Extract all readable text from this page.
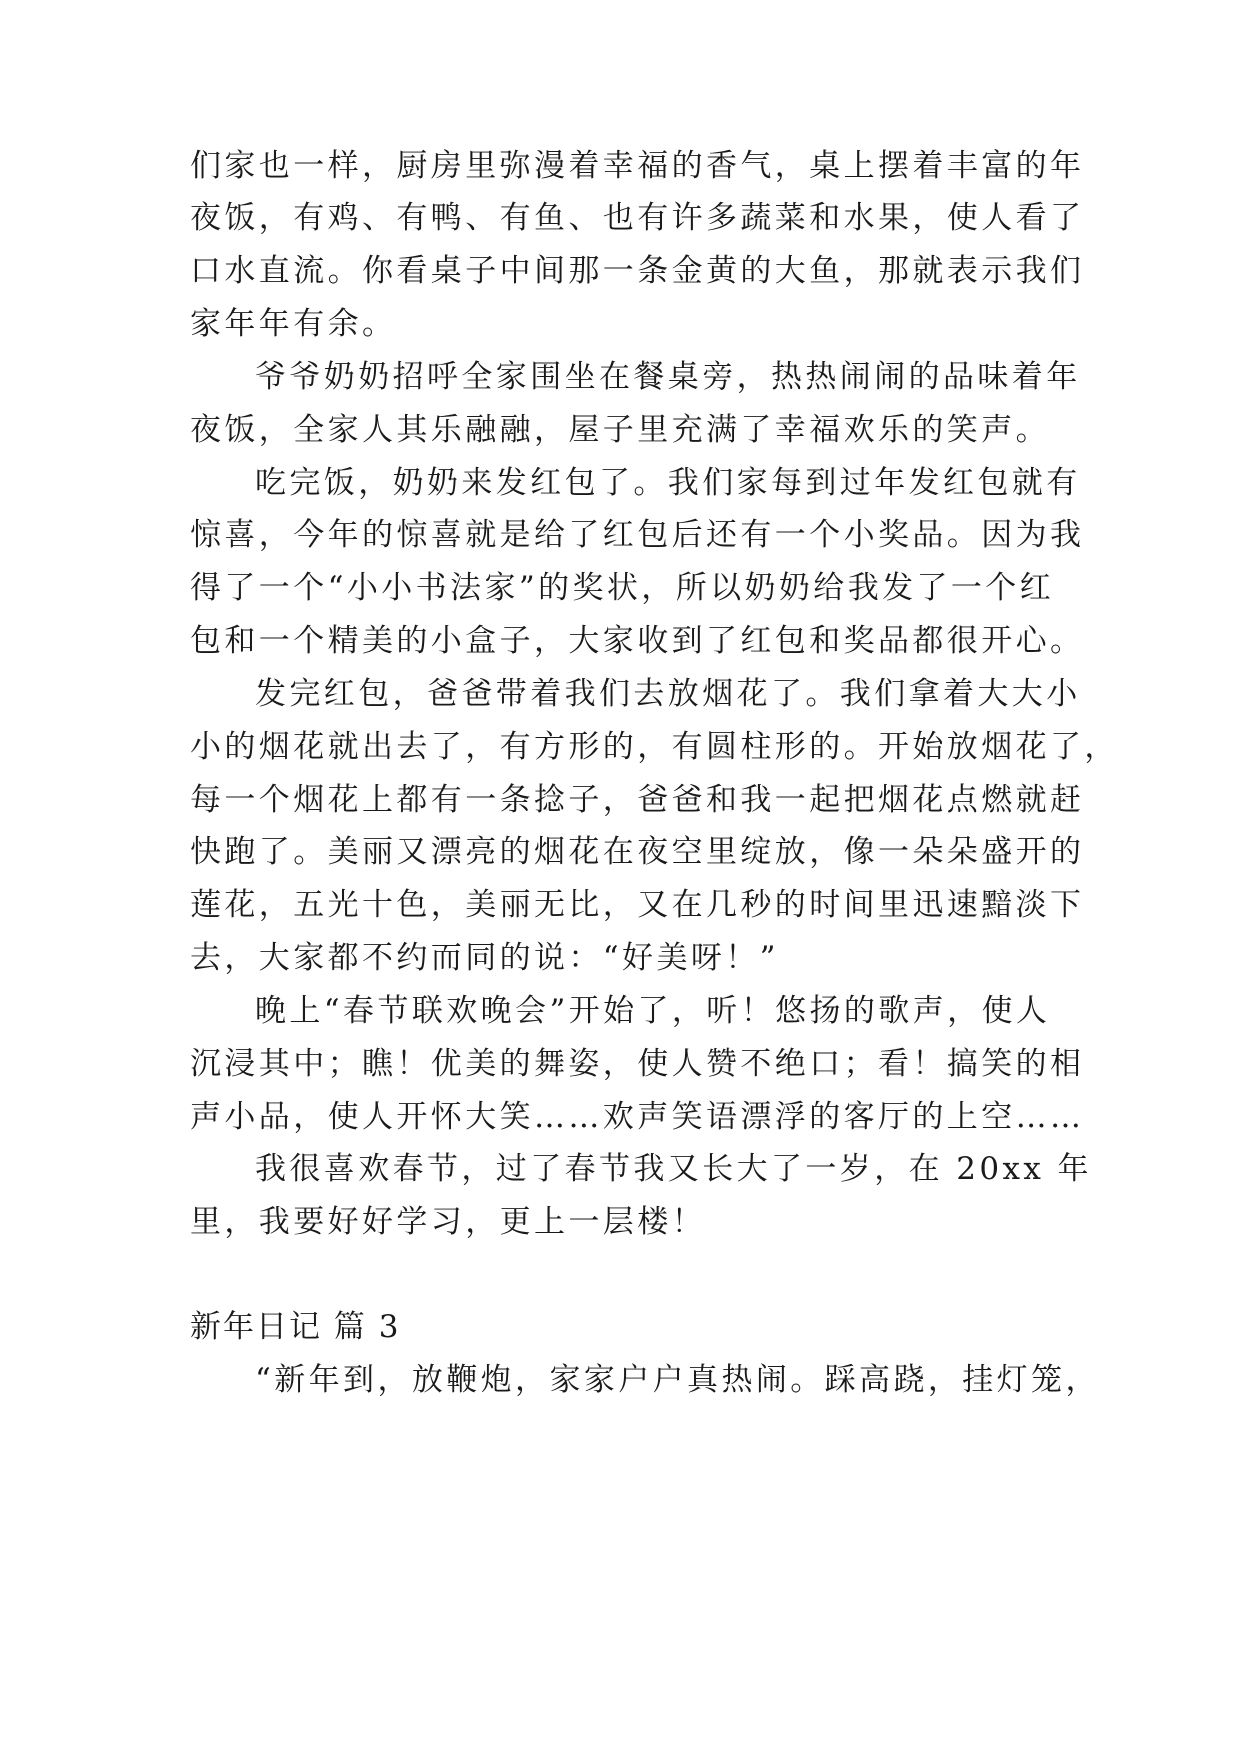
们家也一样，厨房里弥漫着幸福的香气，桌上摆着丰富的年
夜饭，有鸡、有鸭、有鱼、也有许多蔬菜和水果，使人看了
口水直流。你看桌子中间那一条金黄的大鱼，那就表示我们
家年年有余。
爷爷奶奶招呼全家围坐在餐桌旁，热热闹闹的品味着年
夜饭，全家人其乐融融，屋子里充满了幸福欢乐的笑声。
吃完饭，奶奶来发红包了。我们家每到过年发红包就有
惊喜，今年的惊喜就是给了红包后还有一个小奖品。因为我
得了一个“小小书法家”的奖状，所以奶奶给我发了一个红
包和一个精美的小盒子，大家收到了红包和奖品都很开心。
发完红包，爸爸带着我们去放烟花了。我们拿着大大小
小的烟花就出去了，有方形的，有圆柱形的。开始放烟花了，
每一个烟花上都有一条捻子，爸爸和我一起把烟花点燃就赶
快跑了。美丽又漂亮的烟花在夜空里绽放，像一朵朵盛开的
莲花，五光十色，美丽无比，又在几秒的时间里迅速黯淡下
去，大家都不约而同的说：“好美呀！”
晚上“春节联欢晚会”开始了，听！悠扬的歌声，使人
沉浸其中；瞧！优美的舞姿，使人赞不绝口；看！搞笑的相
声小品，使人开怀大笑……欢声笑语漂浮的客厅的上空……
我很喜欢春节，过了春节我又长大了一岁，在 20xx 年
里，我要好好学习，更上一层楼！
新年日记 篇 3
“新年到，放鞭炮，家家户户真热闹。踩高跷，挂灯笼，
